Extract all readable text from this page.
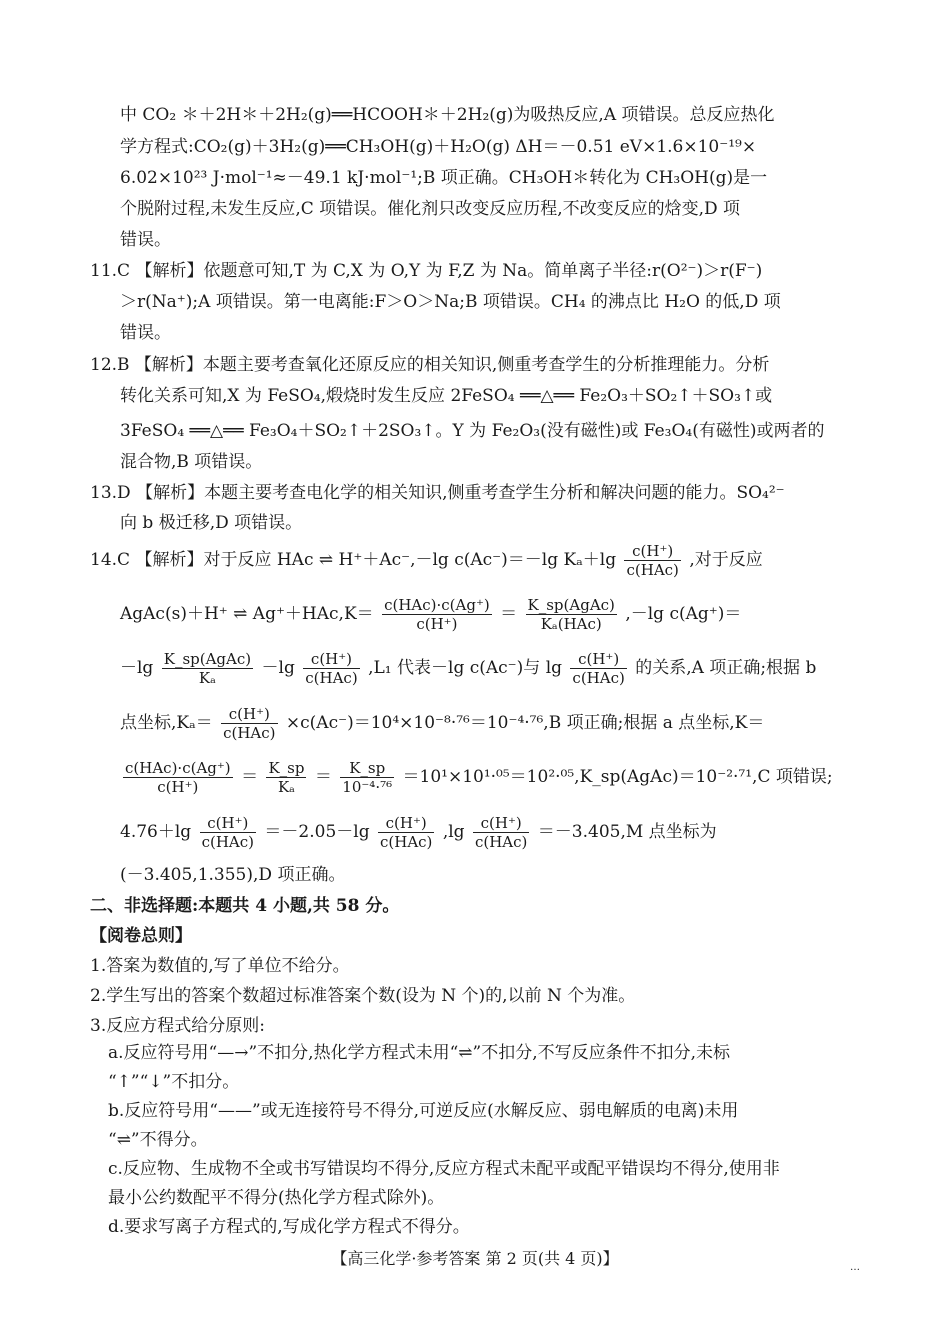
中 CO₂ ＊＋2H＊＋2H₂(g)══HCOOH＊＋2H₂(g)为吸热反应,A 项错误。总反应热化
学方程式:CO₂(g)＋3H₂(g)══CH₃OH(g)＋H₂O(g) ΔH＝－0.51 eV×1.6×10⁻¹⁹×
6.02×10²³ J·mol⁻¹≈－49.1 kJ·mol⁻¹;B 项正确。CH₃OH＊转化为 CH₃OH(g)是一
个脱附过程,未发生反应,C 项错误。催化剂只改变反应历程,不改变反应的焓变,D 项
错误。
11.C 【解析】依题意可知,T 为 C,X 为 O,Y 为 F,Z 为 Na。简单离子半径:r(O²⁻)＞r(F⁻)
＞r(Na⁺);A 项错误。第一电离能:F＞O＞Na;B 项错误。CH₄ 的沸点比 H₂O 的低,D 项
错误。
12.B 【解析】本题主要考查氧化还原反应的相关知识,侧重考查学生的分析推理能力。分析
转化关系可知,X 为 FeSO₄,煅烧时发生反应 2FeSO₄ ══△══ Fe₂O₃＋SO₂↑＋SO₃↑或
3FeSO₄ ══△══ Fe₃O₄＋SO₂↑＋2SO₃↑。Y 为 Fe₂O₃(没有磁性)或 Fe₃O₄(有磁性)或两者的
混合物,B 项错误。
13.D 【解析】本题主要考查电化学的相关知识,侧重考查学生分析和解决问题的能力。SO₄²⁻
向 b 极迁移,D 项错误。
14.C 【解析】对于反应 HAc ⇌ H⁺＋Ac⁻,－lg c(Ac⁻)＝－lg $K_a+\lg \frac{c(H^+)}{\text{c(HAc)}}$ ,对于反应
AgAc(s)＋H⁺ ⇌ $Ag^++HAc,K= \frac{\text{c(HAc)·c(Ag⁺)}}{c(H^+)} = \frac{\text{K\_sp(AgAc)}}{\text{Kₐ(HAc)}} ,-\lg$ c(Ag⁺)＝
$-\lg \frac{\text{K\_sp(AgAc)}}{\text{Kₐ}} -\lg \frac{c(H^+)}{\text{c(HAc)}} ,L_1$ 代表－lg c(Ac⁻)与 $\lg \frac{c(H^+)}{\text{c(HAc)}}$ 的关系,A 项正确;根据 b
点坐标$,K_a= \frac{c(H^+)}{\text{c(HAc)}} \times c(Ac^-)=10^4\times 10^{-8}\cdot^{76}=10^{-4}\cdot^{76},B$ 项正确;根据 a 点坐标,K＝
$\frac{\text{c(HAc)·c(Ag⁺)}}{c(H^+)} = \frac{K\_sp}{\text{Kₐ}} = \frac{K\_sp}{\text{10⁻⁴·⁷⁶}}$ ＝10¹×10¹·⁰⁵＝10²·⁰⁵,K_sp(AgAc)＝10⁻²·⁷¹,C 项错误;
$4.76+\lg \frac{c(H^+)}{\text{c(HAc)}} =-2.05-\lg \frac{c(H^+)}{\text{c(HAc)}} ,\lg \frac{c(H^+)}{\text{c(HAc)}} =-3.405,M$ 点坐标为
(－3.405,1.355),D 项正确。
二、非选择题:本题共 4 小题,共 58 分。
【阅卷总则】
1.答案为数值的,写了单位不给分。
2.学生写出的答案个数超过标准答案个数(设为 N 个)的,以前 N 个为准。
3.反应方程式给分原则:
a.反应符号用“—→”不扣分,热化学方程式未用“⇌”不扣分,不写反应条件不扣分,未标
“↑”“↓”不扣分。
b.反应符号用“——”或无连接符号不得分,可逆反应(水解反应、弱电解质的电离)未用
“⇌”不得分。
c.反应物、生成物不全或书写错误均不得分,反应方程式未配平或配平错误均不得分,使用非
最小公约数配平不得分(热化学方程式除外)。
d.要求写离子方程式的,写成化学方程式不得分。
【高三化学·参考答案 第 2 页(共 4 页)】	…
